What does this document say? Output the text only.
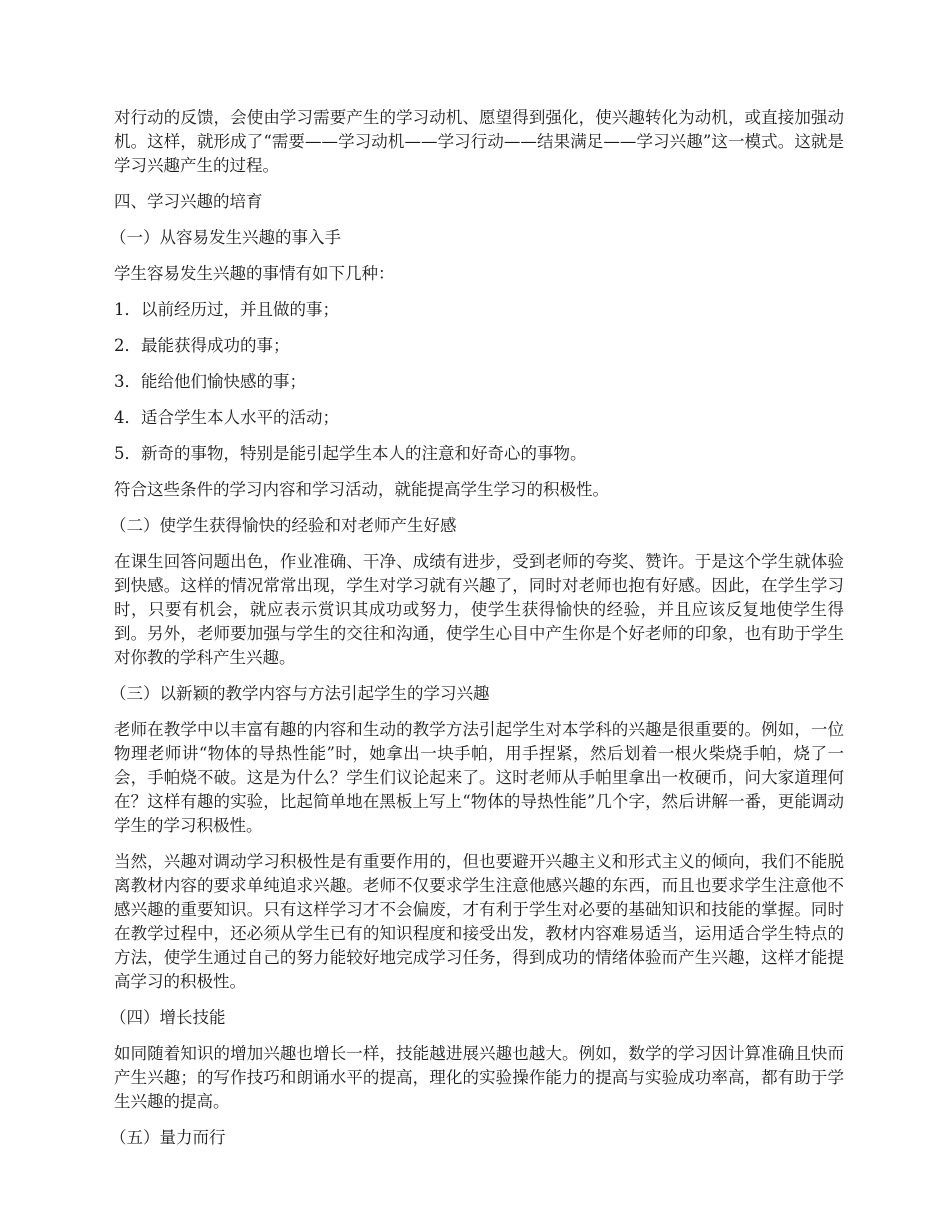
对行动的反馈，会使由学习需要产生的学习动机、愿望得到强化，使兴趣转化为动机，或直接加强动机。这样，就形成了“需要——学习动机——学习行动——结果满足——学习兴趣”这一模式。这就是学习兴趣产生的过程。

四、学习兴趣的培育

（一）从容易发生兴趣的事入手

学生容易发生兴趣的事情有如下几种：

1．以前经历过，并且做的事；

2．最能获得成功的事；

3．能给他们愉快感的事；

4．适合学生本人水平的活动；

5．新奇的事物，特别是能引起学生本人的注意和好奇心的事物。

符合这些条件的学习内容和学习活动，就能提高学生学习的积极性。

（二）使学生获得愉快的经验和对老师产生好感

在课生回答问题出色，作业准确、干净、成绩有进步，受到老师的夸奖、赞许。于是这个学生就体验到快感。这样的情况常常出现，学生对学习就有兴趣了，同时对老师也抱有好感。因此，在学生学习时，只要有机会，就应表示赏识其成功或努力，使学生获得愉快的经验，并且应该反复地使学生得到。另外，老师要加强与学生的交往和沟通，使学生心目中产生你是个好老师的印象，也有助于学生对你教的学科产生兴趣。

（三）以新颖的教学内容与方法引起学生的学习兴趣

老师在教学中以丰富有趣的内容和生动的教学方法引起学生对本学科的兴趣是很重要的。例如，一位物理老师讲“物体的导热性能”时，她拿出一块手帕，用手捏紧，然后划着一根火柴烧手帕，烧了一会，手帕烧不破。这是为什么？学生们议论起来了。这时老师从手帕里拿出一枚硬币，问大家道理何在？这样有趣的实验，比起简单地在黑板上写上“物体的导热性能”几个字，然后讲解一番，更能调动学生的学习积极性。

当然，兴趣对调动学习积极性是有重要作用的，但也要避开兴趣主义和形式主义的倾向，我们不能脱离教材内容的要求单纯追求兴趣。老师不仅要求学生注意他感兴趣的东西，而且也要求学生注意他不感兴趣的重要知识。只有这样学习才不会偏废，才有利于学生对必要的基础知识和技能的掌握。同时在教学过程中，还必须从学生已有的知识程度和接受出发，教材内容难易适当，运用适合学生特点的方法，使学生通过自己的努力能较好地完成学习任务，得到成功的情绪体验而产生兴趣，这样才能提高学习的积极性。

（四）增长技能

如同随着知识的增加兴趣也增长一样，技能越进展兴趣也越大。例如，数学的学习因计算准确且快而产生兴趣；的写作技巧和朗诵水平的提高，理化的实验操作能力的提高与实验成功率高，都有助于学生兴趣的提高。

（五）量力而行
